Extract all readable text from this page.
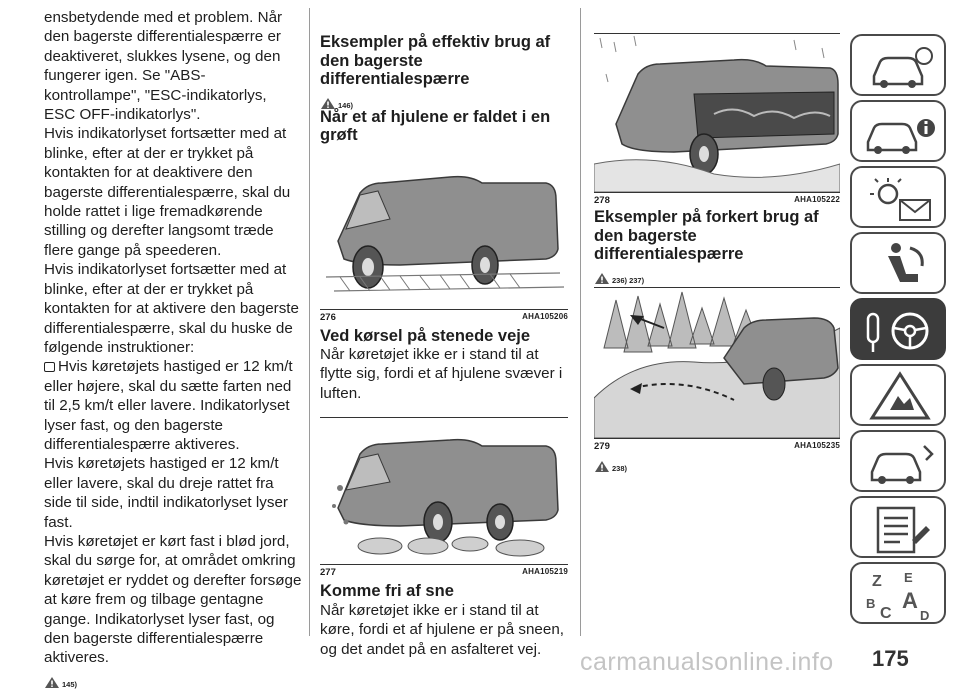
ensbetydende med et problem. Når den bagerste differentialespærre er deaktiveret, slukkes lysene, og den fungerer igen. Se "ABS-kontrollampe", "ESC-indikatorlys, ESC OFF-indikatorlys".

Hvis indikatorlyset fortsætter med at blinke, efter at der er trykket på kontakten for at deaktivere den bagerste differentialespærre, skal du holde rattet i lige fremadkørende stilling og derefter langsomt træde flere gange på speederen.

Hvis indikatorlyset fortsætter med at blinke, efter at der er trykket på kontakten for at aktivere den bagerste differentialespærre, skal du huske de følgende instruktioner:

Hvis køretøjets hastiged er 12 km/t eller højere, skal du sætte farten ned til 2,5 km/t eller lavere. Indikatorlyset lyser fast, og den bagerste differentialespærre aktiveres.

Hvis køretøjets hastiged er 12 km/t eller lavere, skal du dreje rattet fra side til side, indtil indikatorlyset lyser fast.

Hvis køretøjet er kørt fast i blød jord, skal du sørge for, at området omkring køretøjet er ryddet og derefter forsøge at køre frem og tilbage gentagne gange. Indikatorlyset lyser fast, og den bagerste differentialespærre aktiveres.

145)
Eksempler på effektiv brug af den bagerste differentialespærre
146)
Når et af hjulene er faldet i en grøft
276	AHA105206
Ved kørsel på stenede veje

Når køretøjet ikke er i stand til at flytte sig, fordi et af hjulene svæver i luften.

277	AHA105219
Komme fri af sne

Når køretøjet ikke er i stand til at køre, fordi et af hjulene er på sneen, og det andet på en asfalteret vej.

278	AHA105222
Eksempler på forkert brug af den bagerste differentialespærre
236) 237)
279	AHA105235
238)
Z E
B
C
A
D
carmanualsonline.info 175
